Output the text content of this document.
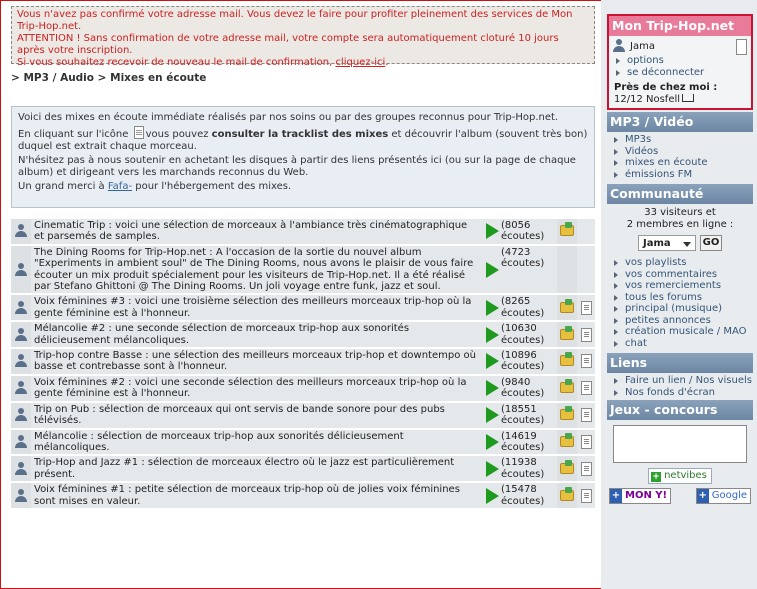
Vous n'avez pas confirmé votre adresse mail. Vous devez le faire pour profiter pleinement des services de Mon Trip-Hop.net.
ATTENTION ! Sans confirmation de votre adresse mail, votre compte sera automatiquement cloturé 10 jours après votre inscription.
Si vous souhaitez recevoir de nouveau le mail de confirmation, cliquez-ici.
> MP3 / Audio > Mixes en écoute

Voici des mixes en écoute immédiate réalisés par nos soins ou par des groupes reconnus pour Trip-Hop.net.

En cliquant sur l'icône vous pouvez consulter la tracklist des mixes et découvrir l'album (souvent très bon) duquel est extrait chaque morceau.

N'hésitez pas à nous soutenir en achetant les disques à partir des liens présentés ici (ou sur la page de chaque album) et dirigeant vers les marchands reconnus du Web.

Un grand merci à Fafa- pour l'hébergement des mixes.

Cinematic Trip : voici une sélection de morceaux à l'ambiance très cinématographique et parsemés de samples.
(8056 écoutes)
The Dining Rooms for Trip-Hop.net : A l'occasion de la sortie du nouvel album "Experiments in ambient soul" de The Dining Rooms, nous avons le plaisir de vous faire écouter un mix produit spécialement pour les visiteurs de Trip-Hop.net. Il a été réalisé par Stefano Ghittoni @ The Dining Rooms. Un joli voyage entre funk, jazz et soul.
(4723 écoutes)
Voix féminines #3 : voici une troisième sélection des meilleurs morceaux trip-hop où la gente féminine est à l'honneur.
(8265 écoutes)
Mélancolie #2 : une seconde sélection de morceaux trip-hop aux sonorités délicieusement mélancoliques.
(10630 écoutes)
Trip-hop contre Basse : une sélection des meilleurs morceaux trip-hop et downtempo où basse et contrebasse sont à l'honneur.
(10896 écoutes)
Voix féminines #2 : voici une seconde sélection des meilleurs morceaux trip-hop où la gente féminine est à l'honneur.
(9840 écoutes)
Trip on Pub : sélection de morceaux qui ont servis de bande sonore pour des pubs télévisés.
(18551 écoutes)
Mélancolie : sélection de morceaux trip-hop aux sonorités délicieusement mélancoliques.
(14619 écoutes)
Trip-Hop and Jazz #1 : sélection de morceaux électro où le jazz est particulièrement présent.
(11938 écoutes)
Voix féminines #1 : petite sélection de morceaux trip-hop où de jolies voix féminines sont mises en valeur.
(15478 écoutes)
Mon Trip-Hop.net
Jama
options
se déconnecter
Près de chez moi :
12/12 Nosfell
MP3 / Vidéo
MP3s
Vidéos
mixes en écoute
émissions FM
Communauté
33 visiteurs et
2 membres en ligne :
Jama	GO
vos playlists
vos commentaires
vos remerciements
tous les forums
principal (musique)
petites annonces
création musicale / MAO
chat
Liens
Faire un lien / Nos visuels
Nos fonds d'écran
Jeux - concours
+ netvibes
+ MON Y!	+ Google
